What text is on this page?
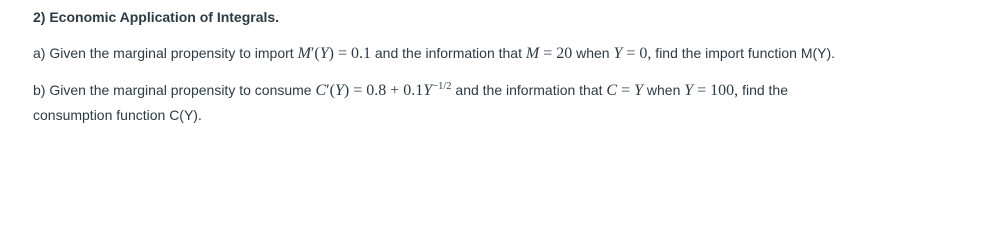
2) Economic Application of Integrals.
a) Given the marginal propensity to import M′(Y) = 0.1 and the information that M = 20 when Y = 0, find the import function M(Y).
b) Given the marginal propensity to consume $C'(Y) = 0.8 + 0.1Y^{-1/2}$ and the information that C = Y when Y = 100, find the
consumption function C(Y).
